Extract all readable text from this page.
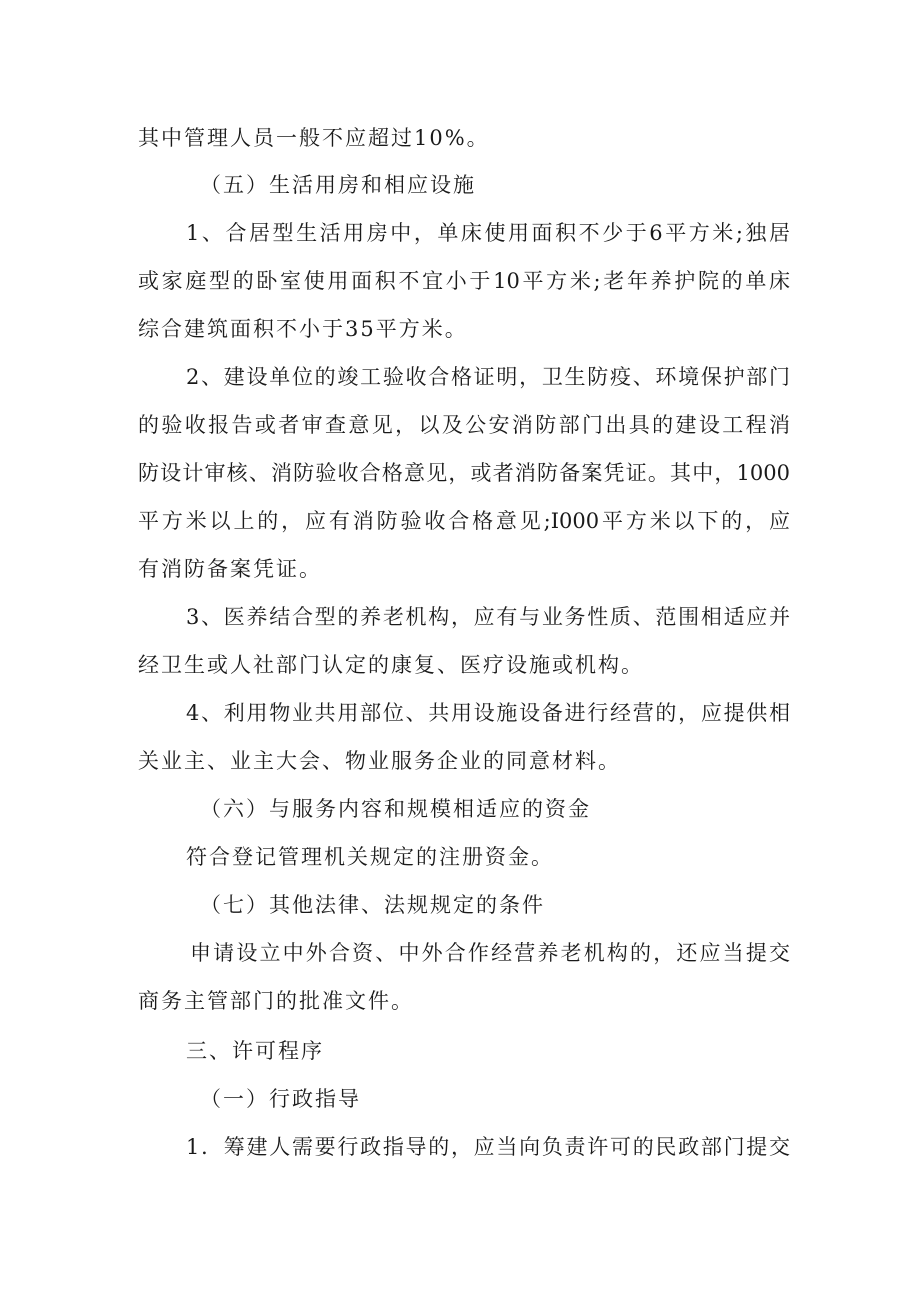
其中管理人员一般不应超过10%。
（五）生活用房和相应设施
1、合居型生活用房中，单床使用面积不少于6平方米;独居
或家庭型的卧室使用面积不宜小于10平方米;老年养护院的单床
综合建筑面积不小于35平方米。
2、建设单位的竣工验收合格证明，卫生防疫、环境保护部门
的验收报告或者审查意见，以及公安消防部门出具的建设工程消
防设计审核、消防验收合格意见，或者消防备案凭证。其中，1000
平方米以上的，应有消防验收合格意见;I000平方米以下的，应
有消防备案凭证。
3、医养结合型的养老机构，应有与业务性质、范围相适应并
经卫生或人社部门认定的康复、医疗设施或机构。
4、利用物业共用部位、共用设施设备进行经营的，应提供相
关业主、业主大会、物业服务企业的同意材料。
（六）与服务内容和规模相适应的资金
符合登记管理机关规定的注册资金。
（七）其他法律、法规规定的条件
申请设立中外合资、中外合作经营养老机构的，还应当提交
商务主管部门的批准文件。
三、许可程序
（一）行政指导
1．筹建人需要行政指导的，应当向负责许可的民政部门提交
